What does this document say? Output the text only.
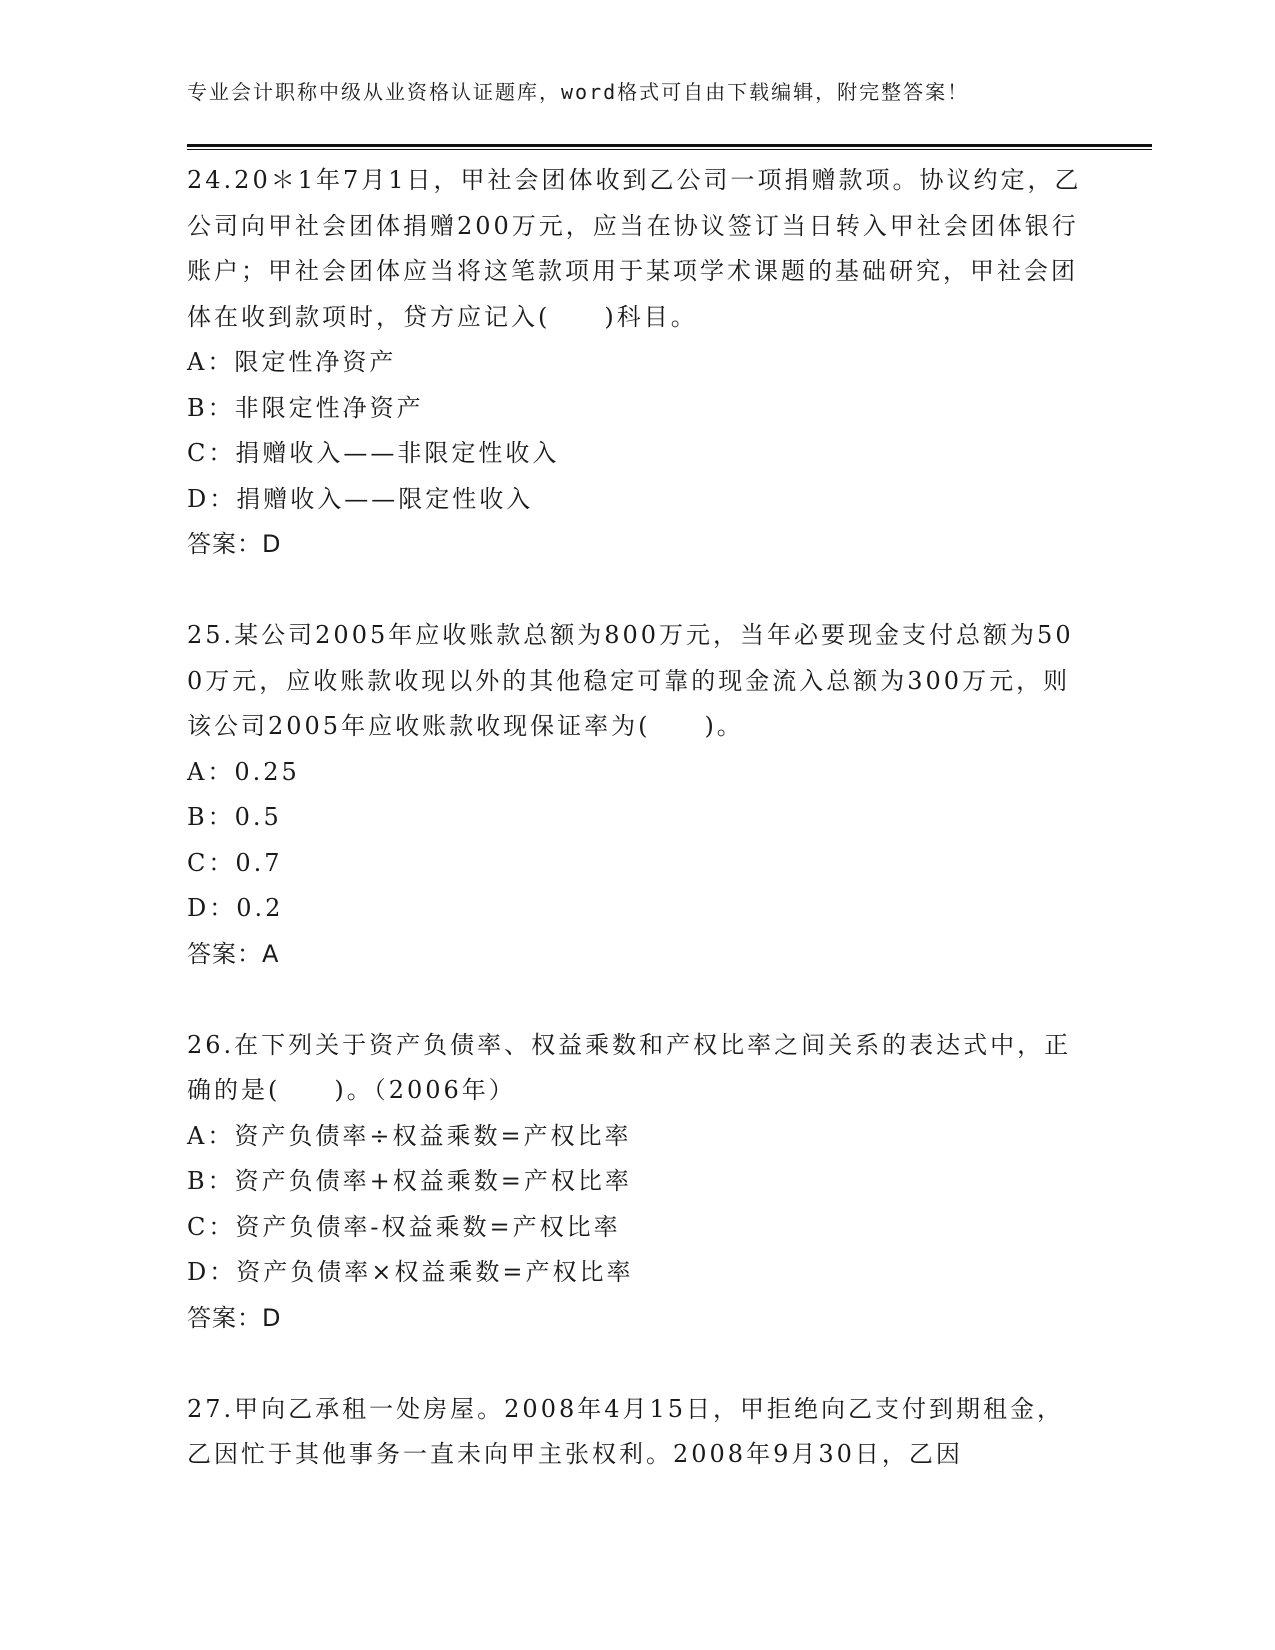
专业会计职称中级从业资格认证题库，word格式可自由下载编辑，附完整答案！

24.20＊1年7月1日，甲社会团体收到乙公司一项捐赠款项。协议约定，乙公司向甲社会团体捐赠200万元，应当在协议签订当日转入甲社会团体银行账户；甲社会团体应当将这笔款项用于某项学术课题的基础研究，甲社会团体在收到款项时，贷方应记入(　　)科目。

A：限定性净资产

B：非限定性净资产

C：捐赠收入——非限定性收入

D：捐赠收入——限定性收入

答案：D

25.某公司2005年应收账款总额为800万元，当年必要现金支付总额为500万元，应收账款收现以外的其他稳定可靠的现金流入总额为300万元，则该公司2005年应收账款收现保证率为(　　)。

A：0.25

B：0.5

C：0.7

D：0.2

答案：A

26.在下列关于资产负债率、权益乘数和产权比率之间关系的表达式中，正确的是(　　)。（2006年）

A：资产负债率÷权益乘数=产权比率

B：资产负债率+权益乘数=产权比率

C：资产负债率-权益乘数=产权比率

D：资产负债率×权益乘数=产权比率

答案：D

27.甲向乙承租一处房屋。2008年4月15日，甲拒绝向乙支付到期租金，乙因忙于其他事务一直未向甲主张权利。2008年9月30日，乙因
